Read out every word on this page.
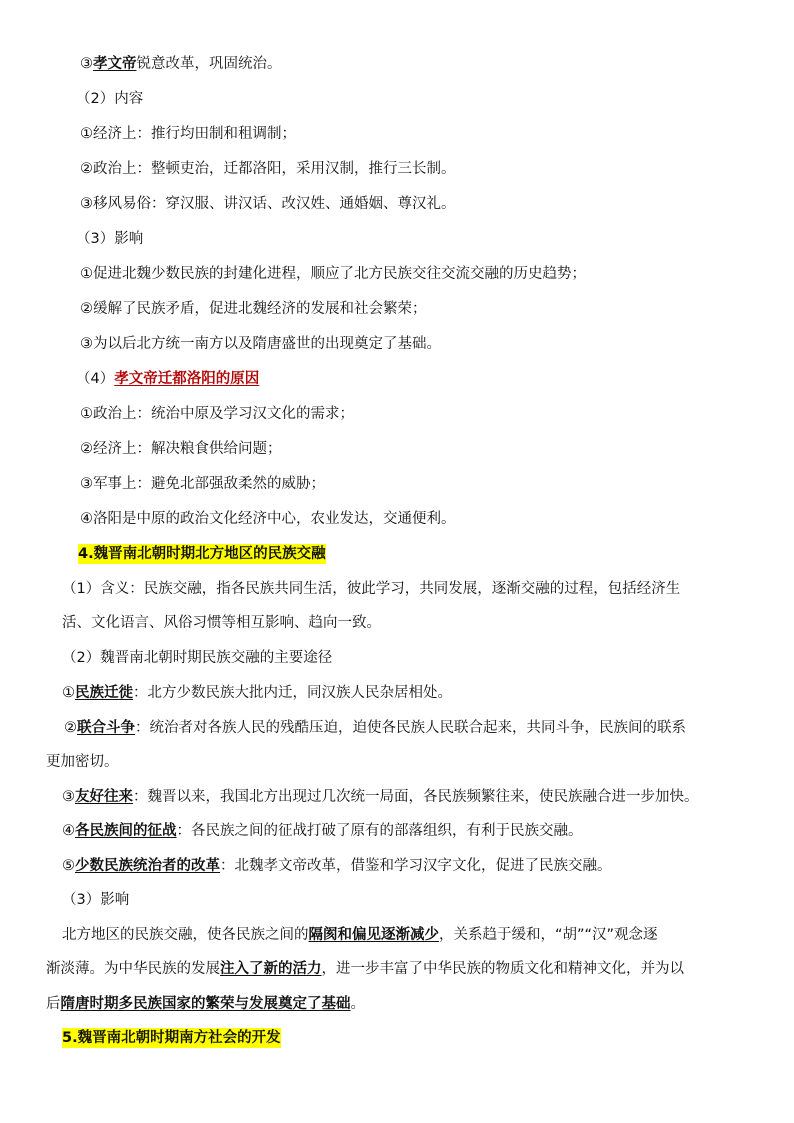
③孝文帝锐意改革，巩固统治。
（2）内容
①经济上：推行均田制和租调制；
②政治上：整顿吏治，迁都洛阳，采用汉制，推行三长制。
③移风易俗：穿汉服、讲汉话、改汉姓、通婚姻、尊汉礼。
（3）影响
①促进北魏少数民族的封建化进程，顺应了北方民族交往交流交融的历史趋势；
②缓解了民族矛盾，促进北魏经济的发展和社会繁荣；
③为以后北方统一南方以及隋唐盛世的出现奠定了基础。
（4）孝文帝迁都洛阳的原因
①政治上：统治中原及学习汉文化的需求；
②经济上：解决粮食供给问题；
③军事上：避免北部强敌柔然的威胁；
④洛阳是中原的政治文化经济中心，农业发达，交通便利。
4.魏晋南北朝时期北方地区的民族交融
（1）含义：民族交融，指各民族共同生活，彼此学习，共同发展，逐渐交融的过程，包括经济生
活、文化语言、风俗习惯等相互影响、趋向一致。
（2）魏晋南北朝时期民族交融的主要途径
①民族迁徙：北方少数民族大批内迁，同汉族人民杂居相处。
②联合斗争：统治者对各族人民的残酷压迫，迫使各民族人民联合起来，共同斗争，民族间的联系
更加密切。
③友好往来：魏晋以来，我国北方出现过几次统一局面，各民族频繁往来，使民族融合进一步加快。
④各民族间的征战：各民族之间的征战打破了原有的部落组织，有利于民族交融。
⑤少数民族统治者的改革：北魏孝文帝改革，借鉴和学习汉字文化，促进了民族交融。
（3）影响
北方地区的民族交融，使各民族之间的隔阂和偏见逐渐减少，关系趋于缓和，“胡”“汉”观念逐
渐淡薄。为中华民族的发展注入了新的活力，进一步丰富了中华民族的物质文化和精神文化，并为以
后隋唐时期多民族国家的繁荣与发展奠定了基础。
5.魏晋南北朝时期南方社会的开发
